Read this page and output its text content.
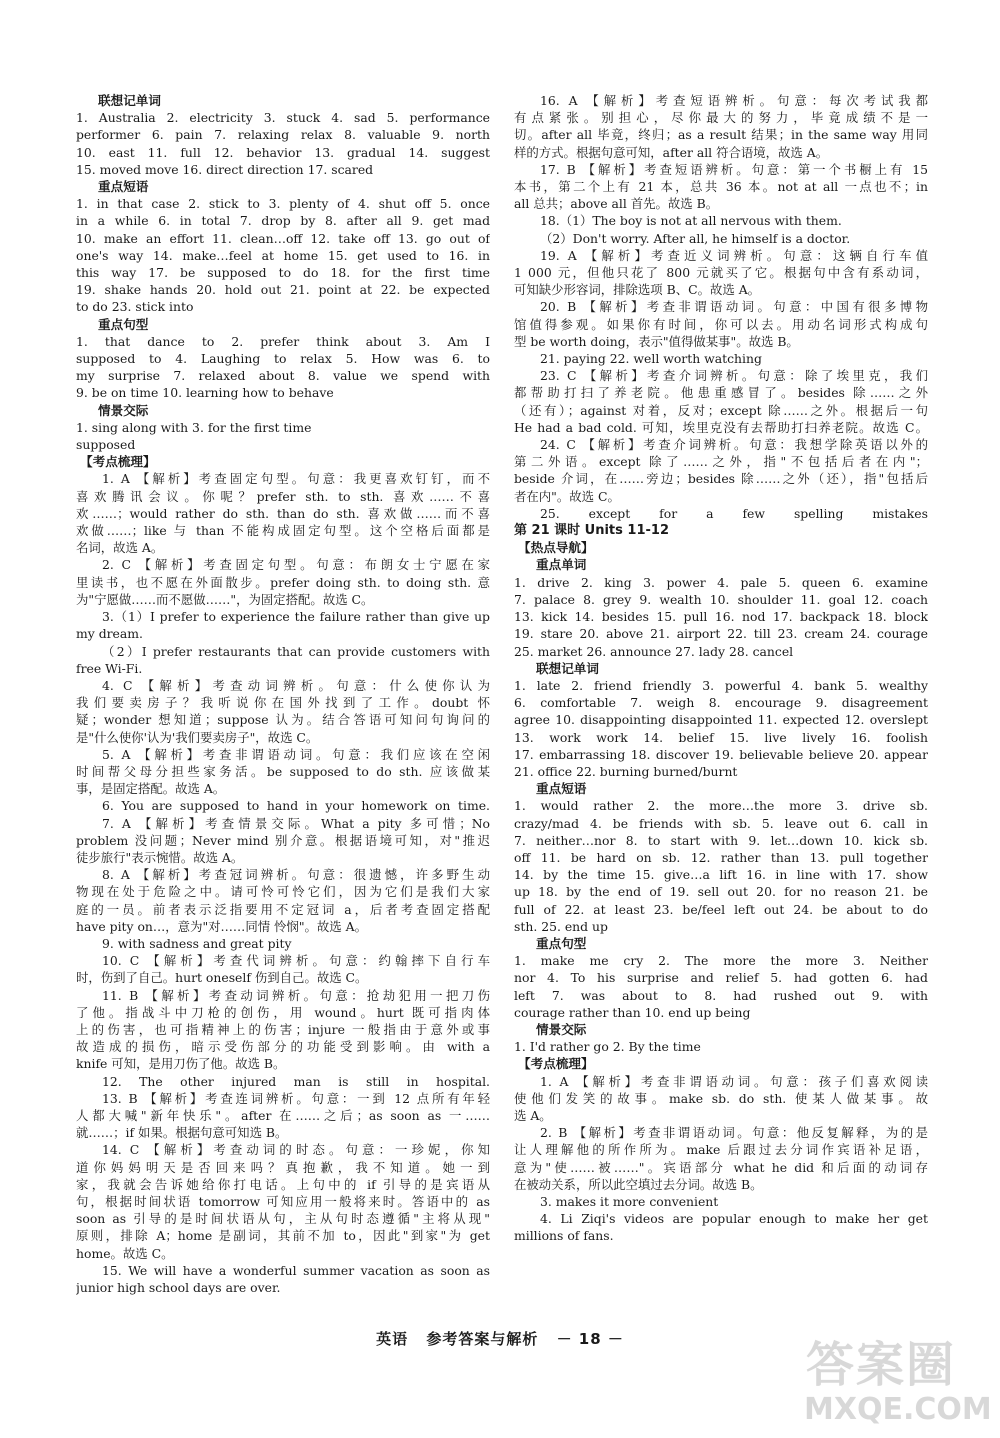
联想记单词
1. Australia 2. electricity 3. stuck 4. sad 5. performance
performer 6. pain 7. relaxing relax 8. valuable 9. north
10. east 11. full 12. behavior 13. gradual 14. suggest
15. moved move 16. direct direction 17. scared
重点短语
1. in that case 2. stick to 3. plenty of 4. shut off 5. once
in a while 6. in total 7. drop by 8. after all 9. get mad
10. make an effort 11. clean…off 12. take off 13. go out of
one's way 14. make…feel at home 15. get used to 16. in
this way 17. be supposed to do 18. for the first time
19. shake hands 20. hold out 21. point at 22. be expected
to do 23. stick into
重点句型
1. that dance to 2. prefer think about 3. Am I
supposed to 4. Laughing to relax 5. How was 6. to
my surprise 7. relaxed about 8. value we spend with
9. be on time 10. learning how to behave
情景交际
1. sing along with 3. for the first time
supposed
【考点梳理】
1. A 【解析】考查固定句型。句意：我更喜欢钉钉，而不
喜欢腾讯会议。你呢？prefer sth. to sth. 喜欢……不喜
欢……；would rather do sth. than do sth. 喜欢做……而不喜
欢做……；like 与 than 不能构成固定句型。这个空格后面都是
名词，故选 A。
2. C 【解析】考查固定句型。句意：布朗女士宁愿在家
里读书，也不愿在外面散步。prefer doing sth. to doing sth. 意
为"宁愿做……而不愿做……"，为固定搭配。故选 C。
3.（1）I prefer to experience the failure rather than give up
my dream.
（2）I prefer restaurants that can provide customers with
free Wi-Fi.
4. C 【解析】考查动词辨析。句意：什么使你认为
我们要卖房子？我听说你在国外找到了工作。doubt 怀
疑；wonder 想知道；suppose 认为。结合答语可知问句询问的
是"什么使你'认为'我们要卖房子"，故选 C。
5. A 【解析】考查非谓语动词。句意：我们应该在空闲
时间帮父母分担些家务活。be supposed to do sth. 应该做某
事，是固定搭配。故选 A。
6. You are supposed to hand in your homework on time.
7. A 【解析】考查情景交际。What a pity 多可惜；No
problem 没问题；Never mind 别介意。根据语境可知，对"推迟
徒步旅行"表示惋惜。故选 A。
8. A 【解析】考查冠词辨析。句意：很遗憾，许多野生动
物现在处于危险之中。请可怜可怜它们，因为它们是我们大家
庭的一员。前者表示泛指要用不定冠词 a，后者考查固定搭配
have pity on…，意为"对……同情 怜悯"。故选 A。
9. with sadness and great pity
10. C 【解析】考查代词辨析。句意：约翰摔下自行车
时，伤到了自己。hurt oneself 伤到自己。故选 C。
11. B 【解析】考查动词辨析。句意：抢劫犯用一把刀伤
了他。指战斗中刀枪的创伤，用 wound。hurt 既可指肉体
上的伤害，也可指精神上的伤害；injure 一般指由于意外或事
故造成的损伤，暗示受伤部分的功能受到影响。由 with a
knife 可知，是用刀伤了他。故选 B。
12. The other injured man is still in hospital.
13. B 【解析】考查连词辨析。句意：一到 12 点所有年轻
人都大喊"新年快乐"。after 在……之后；as soon as 一……
就……；if 如果。根据句意可知选 B。
14. C 【解析】考查动词的时态。句意：一珍妮，你知
道你妈妈明天是否回来吗？真抱歉，我不知道。她一到
家，我就会告诉她给你打电话。上句中的 if 引导的是宾语从
句，根据时间状语 tomorrow 可知应用一般将来时。答语中的 as
soon as 引导的是时间状语从句，主从句时态遵循"主将从现"
原则，排除 A；home 是副词，其前不加 to，因此"到家"为 get
home。故选 C。
15. We will have a wonderful summer vacation as soon as
junior high school days are over.
16. A 【解析】考查短语辨析。句意：每次考试我都
有点紧张。别担心，尽你最大的努力，毕竟成绩不是一
切。after all 毕竟，终归；as a result 结果；in the same way 用同
样的方式。根据句意可知，after all 符合语境，故选 A。
17. B 【解析】考查短语辨析。句意：第一个书橱上有 15
本书，第二个上有 21 本，总共 36 本。not at all 一点也不；in
all 总共；above all 首先。故选 B。
18.（1）The boy is not at all nervous with them.
（2）Don't worry. After all, he himself is a doctor.
19. A 【解析】考查近义词辨析。句意：这辆自行车值
1 000 元，但他只花了 800 元就买了它。根据句中含有系动词，
可知缺少形容词，排除选项 B、C。故选 A。
20. B 【解析】考查非谓语动词。句意：中国有很多博物
馆值得参观。如果你有时间，你可以去。用动名词形式构成句
型 be worth doing，表示"值得做某事"。故选 B。
21. paying 22. well worth watching
23. C 【解析】考查介词辨析。句意：除了埃里克，我们
都帮助打扫了养老院。他患重感冒了。besides 除……之外
（还有）；against 对着，反对；except 除……之外。根据后一句
He had a bad cold. 可知，埃里克没有去帮助打扫养老院。故选 C。
24. C 【解析】考查介词辨析。句意：我想学除英语以外的
第二外语。except 除了……之外，指"不包括后者在内"；
beside 介词，在……旁边；besides 除……之外（还），指"包括后
者在内"。故选 C。
25. except for a few spelling mistakes
第 21 课时 Units 11-12
【热点导航】
重点单词
1. drive 2. king 3. power 4. pale 5. queen 6. examine
7. palace 8. grey 9. wealth 10. shoulder 11. goal 12. coach
13. kick 14. besides 15. pull 16. nod 17. backpack 18. block
19. stare 20. above 21. airport 22. till 23. cream 24. courage
25. market 26. announce 27. lady 28. cancel
联想记单词
1. late 2. friend friendly 3. powerful 4. bank 5. wealthy
6. comfortable 7. weigh 8. encourage 9. disagreement
agree 10. disappointing disappointed 11. expected 12. overslept
13. work work 14. belief 15. live lively 16. foolish
17. embarrassing 18. discover 19. believable believe 20. appear
21. office 22. burning burned/burnt
重点短语
1. would rather 2. the more…the more 3. drive sb.
crazy/mad 4. be friends with sb. 5. leave out 6. call in
7. neither…nor 8. to start with 9. let…down 10. kick sb.
off 11. be hard on sb. 12. rather than 13. pull together
14. by the time 15. give…a lift 16. in line with 17. show
up 18. by the end of 19. sell out 20. for no reason 21. be
full of 22. at least 23. be/feel left out 24. be about to do
sth. 25. end up
重点句型
1. make me cry 2. The more the more 3. Neither
nor 4. To his surprise and relief 5. had gotten 6. had
left 7. was about to 8. had rushed out 9. with
courage rather than 10. end up being
情景交际
1. I'd rather go 2. By the time
【考点梳理】
1. A 【解析】考查非谓语动词。句意：孩子们喜欢阅读
使他们发笑的故事。make sb. do sth. 使某人做某事。故
选 A。
2. B 【解析】考查非谓语动词。句意：他反复解释，为的是
让人理解他的所作所为。make 后跟过去分词作宾语补足语，
意为"使……被……"。宾语部分 what he did 和后面的动词存
在被动关系，所以此空填过去分词。故选 B。
3. makes it more convenient
4. Li Ziqi's videos are popular enough to make her get
millions of fans.
英语 参考答案与解析 － 18 －	答案圈
MXQE.COM
